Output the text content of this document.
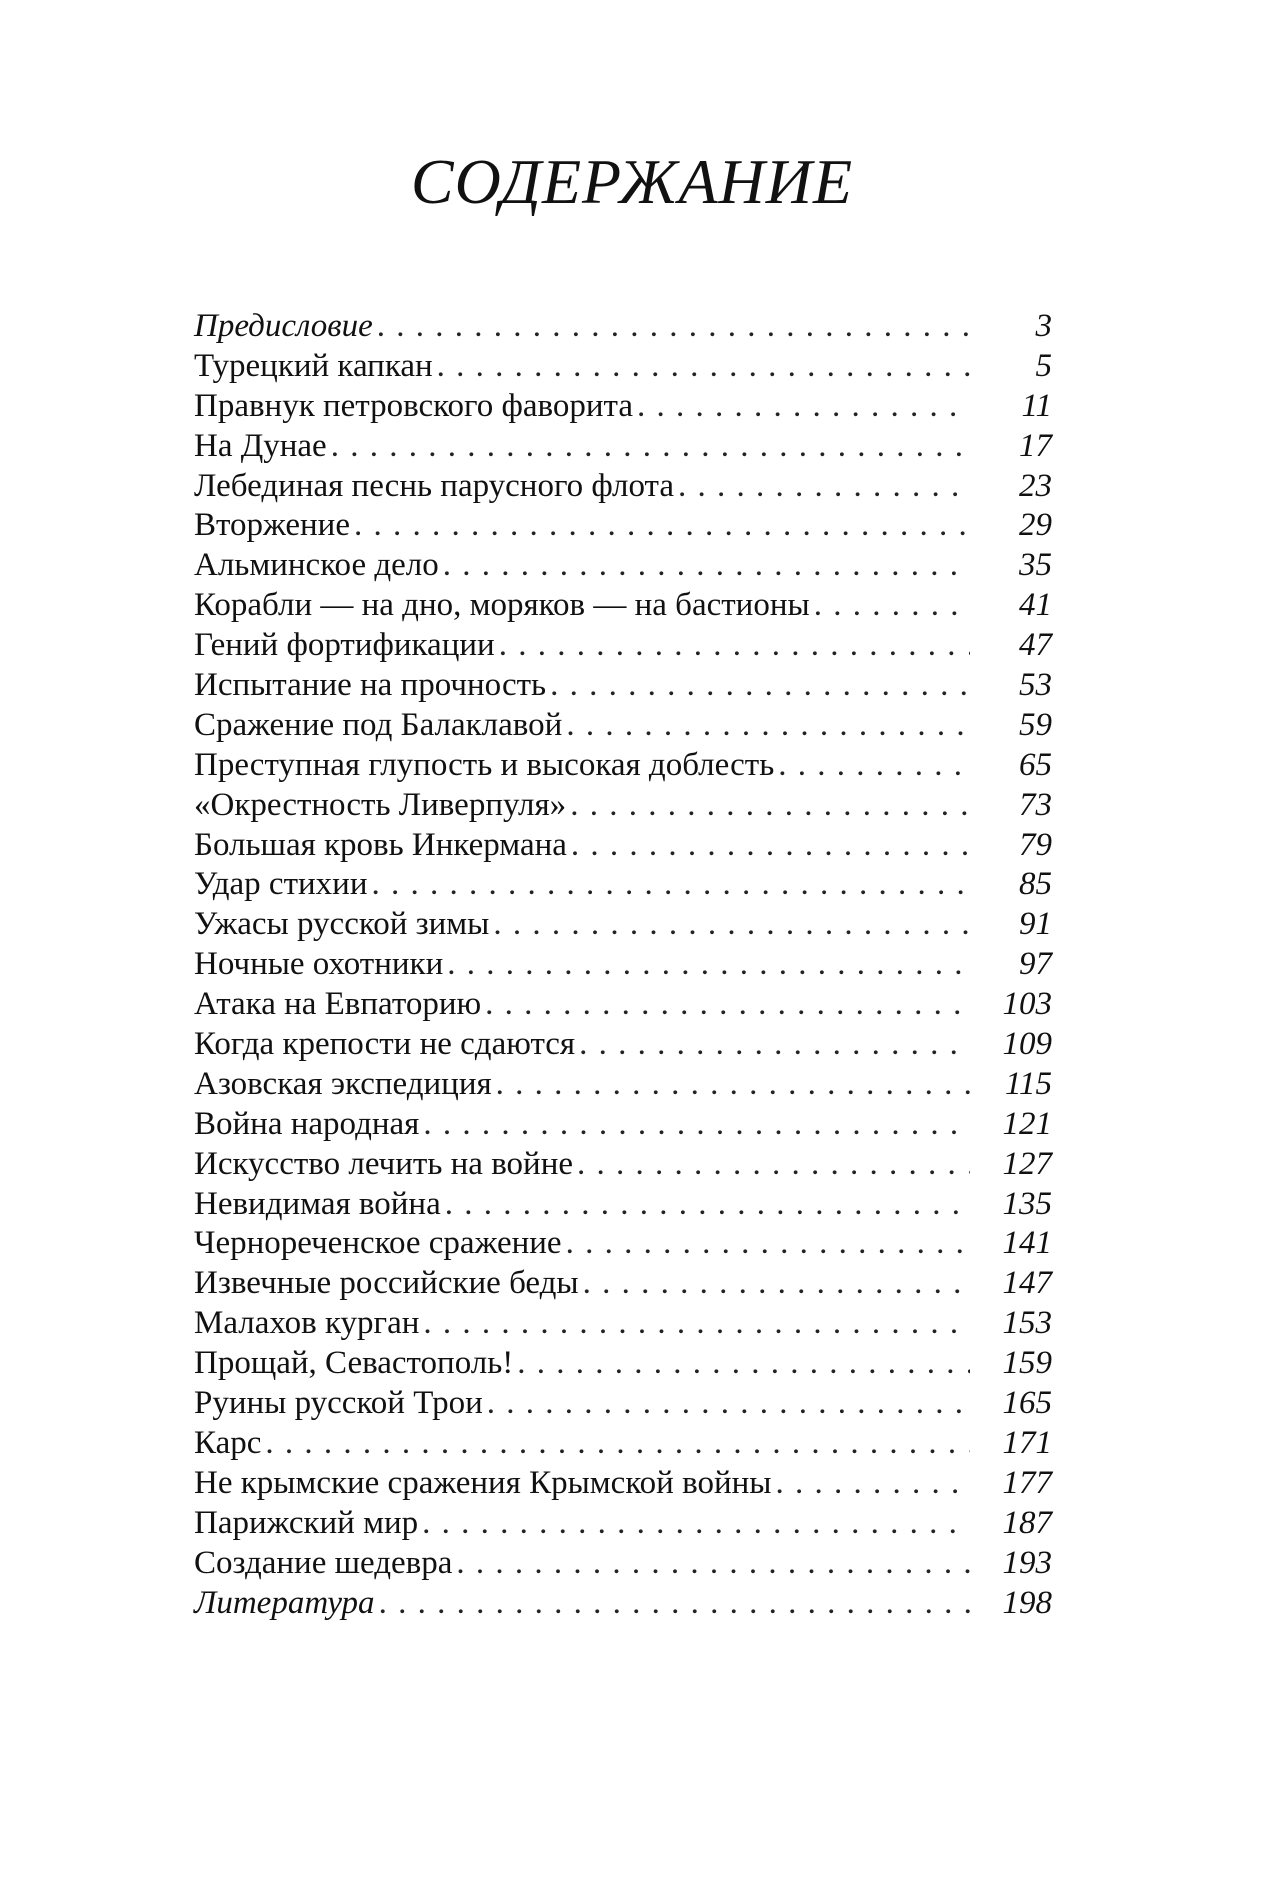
СОДЕРЖАНИЕ
Предисловие . . .	3
Турецкий капкан . . .	5
Правнук петровского фаворита . . .	11
На Дунае . . .	17
Лебединая песнь парусного флота . . .	23
Вторжение . . .	29
Альминское дело . . .	35
Корабли — на дно, моряков — на бастионы . . .	41
Гений фортификации . . .	47
Испытание на прочность . . .	53
Сражение под Балаклавой . . .	59
Преступная глупость и высокая доблесть . . .	65
«Окрестность Ливерпуля» . . .	73
Большая кровь Инкермана . . .	79
Удар стихии . . .	85
Ужасы русской зимы . . .	91
Ночные охотники . . .	97
Атака на Евпаторию . . .	103
Когда крепости не сдаются . . .	109
Азовская экспедиция . . .	115
Война народная . . .	121
Искусство лечить на войне . . .	127
Невидимая война . . .	135
Чернореченское сражение . . .	141
Извечные российские беды . . .	147
Малахов курган . . .	153
Прощай, Севастополь! . . .	159
Руины русской Трои . . .	165
Карс . . .	171
Не крымские сражения Крымской войны . . .	177
Парижский мир . . .	187
Создание шедевра . . .	193
Литература . . .	198
